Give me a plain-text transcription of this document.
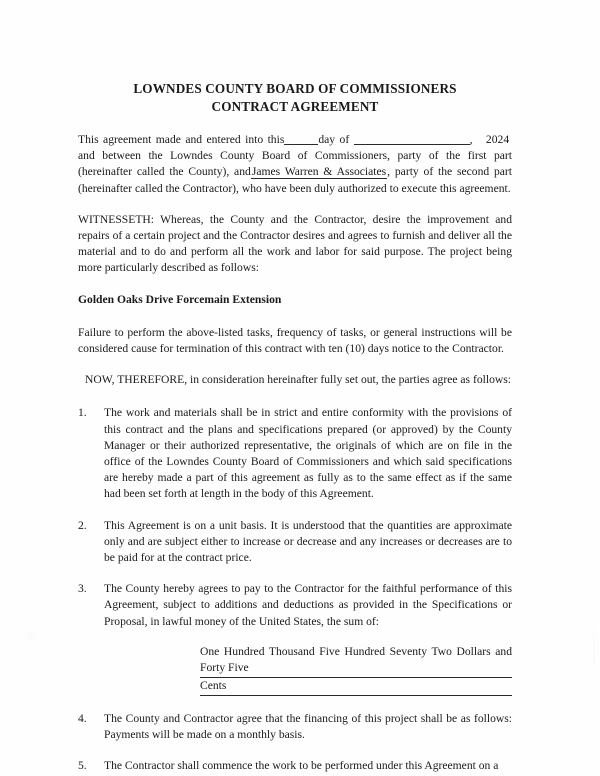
LOWNDES COUNTY BOARD OF COMMISSIONERS
CONTRACT AGREEMENT

This agreement made and entered into this	day of	, 2024  and between the Lowndes County Board of Commissioners, party of the first part (hereinafter called the County), andJames Warren & Associates, party of the second part (hereinafter called the Contractor), who have been duly authorized to execute this agreement.

WITNESSETH: Whereas, the County and the Contractor, desire the improvement and repairs of a certain project and the Contractor desires and agrees to furnish and deliver all the material and to do and perform all the work and labor for said purpose. The project being more particularly described as follows:

Golden Oaks Drive Forcemain Extension

Failure to perform the above-listed tasks, frequency of tasks, or general instructions will be considered cause for termination of this contract with ten (10) days notice to the Contractor.

NOW, THEREFORE, in consideration hereinafter fully set out, the parties agree as follows:

1.	The work and materials shall be in strict and entire conformity with the provisions of this contract and the plans and specifications prepared (or approved) by the County Manager or their authorized representative, the originals of which are on file in the office of the Lowndes County Board of Commissioners and which said specifications are hereby made a part of this agreement as fully as to the same effect as if the same had been set forth at length in the body of this Agreement.
2.	This Agreement is on a unit basis. It is understood that the quantities are approximate only and are subject either to increase or decrease and any increases or decreases are to be paid for at the contract price.
3.	The County hereby agrees to pay to the Contractor for the faithful performance of this Agreement, subject to additions and deductions as provided in the Specifications or Proposal, in lawful money of the United States, the sum of:
One Hundred Thousand Five Hundred Seventy Two Dollars and Forty Five
Cents
4.	The County and Contractor agree that the financing of this project shall be as follows: Payments will be made on a monthly basis.
5.	The Contractor shall commence the work to be performed under this Agreement on a
